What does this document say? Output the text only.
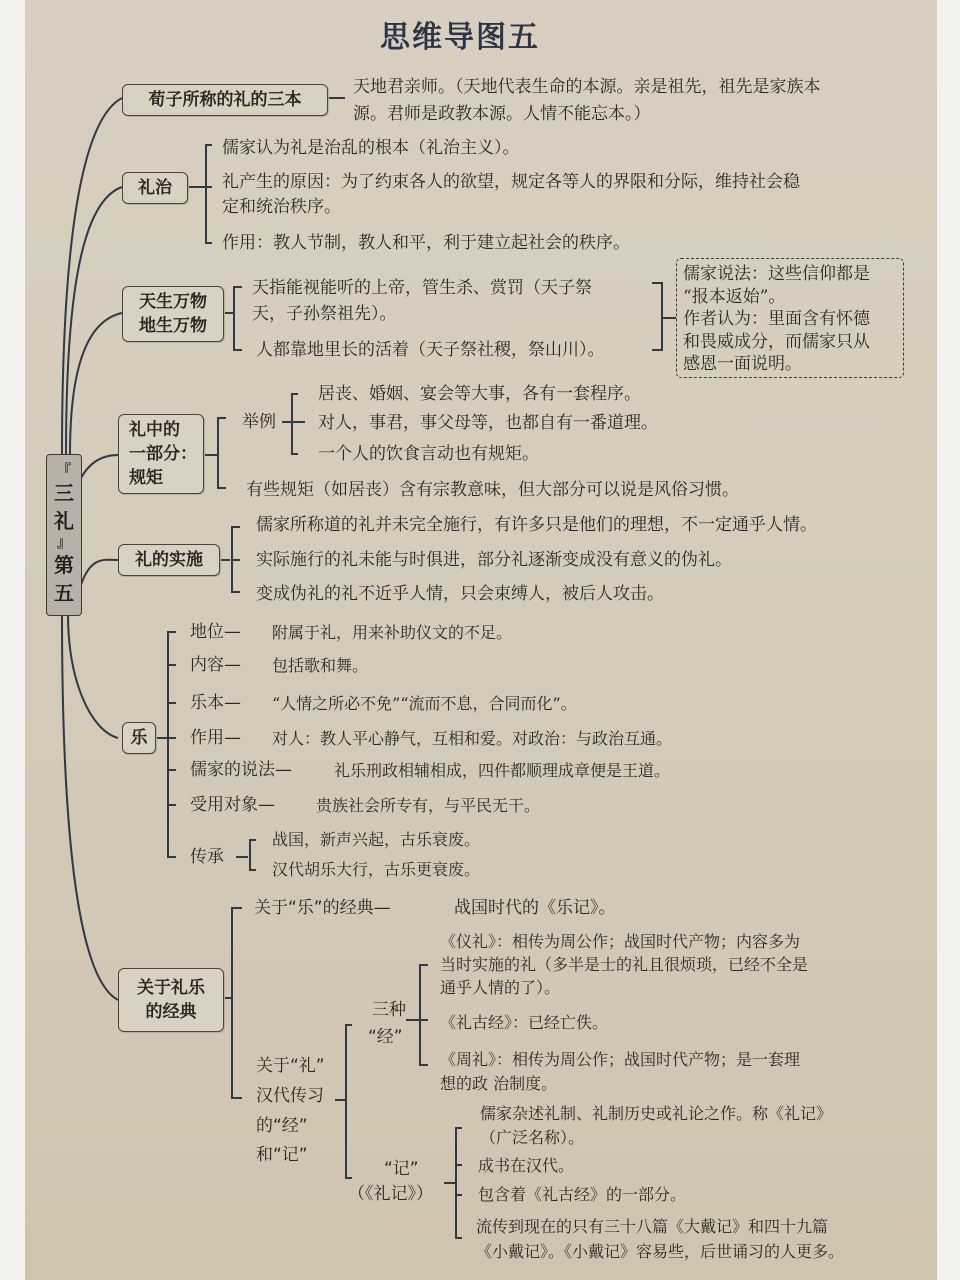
思维导图五
『
三
礼
』
第
五
荀子所称的礼的三本
天地君亲师。（天地代表生命的本源。亲是祖先，祖先是家族本
源。君师是政教本源。人情不能忘本。）
礼治
儒家认为礼是治乱的根本（礼治主义）。
礼产生的原因：为了约束各人的欲望，规定各等人的界限和分际，维持社会稳
定和统治秩序。
作用：教人节制，教人和平，利于建立起社会的秩序。
天生万物
地生万物
天指能视能听的上帝，管生杀、赏罚（天子祭
天，子孙祭祖先）。
人都靠地里长的活着（天子祭社稷，祭山川）。
儒家说法：这些信仰都是
“报本返始”。
作者认为：里面含有怀德
和畏威成分，而儒家只从
感恩一面说明。
礼中的
一部分：
规矩
举例
居丧、婚姻、宴会等大事，各有一套程序。
对人，事君，事父母等，也都自有一番道理。
一个人的饮食言动也有规矩。
有些规矩（如居丧）含有宗教意味，但大部分可以说是风俗习惯。
礼的实施
儒家所称道的礼并未完全施行，有许多只是他们的理想，不一定通乎人情。
实际施行的礼未能与时俱进，部分礼逐渐变成没有意义的伪礼。
变成伪礼的礼不近乎人情，只会束缚人，被后人攻击。
乐
地位— 附属于礼，用来补助仪文的不足。
内容— 包括歌和舞。
乐本— “人情之所必不免”“流而不息，合同而化”。
作用— 对人：教人平心静气，互相和爱。对政治：与政治互通。
儒家的说法—	礼乐刑政相辅相成，四件都顺理成章便是王道。
受用对象—	贵族社会所专有，与平民无干。
传承
战国，新声兴起，古乐衰废。
汉代胡乐大行，古乐更衰废。
关于礼乐
的经典
关于“乐”的经典—	战国时代的《乐记》。
关于“礼”
汉代传习
的“经”
和“记”
三种
“经”
《仪礼》：相传为周公作；战国时代产物；内容多为
当时实施的礼（多半是士的礼且很烦琐，已经不全是
通乎人情的了）。
《礼古经》：已经亡佚。
《周礼》：相传为周公作；战国时代产物；是一套理
想的政 治制度。
“记”
（《礼记》）
儒家杂述礼制、礼制历史或礼论之作。称《礼记》
（广泛名称）。
成书在汉代。
包含着《礼古经》的一部分。
流传到现在的只有三十八篇《大戴记》和四十九篇
《小戴记》。《小戴记》容易些，后世诵习的人更多。
